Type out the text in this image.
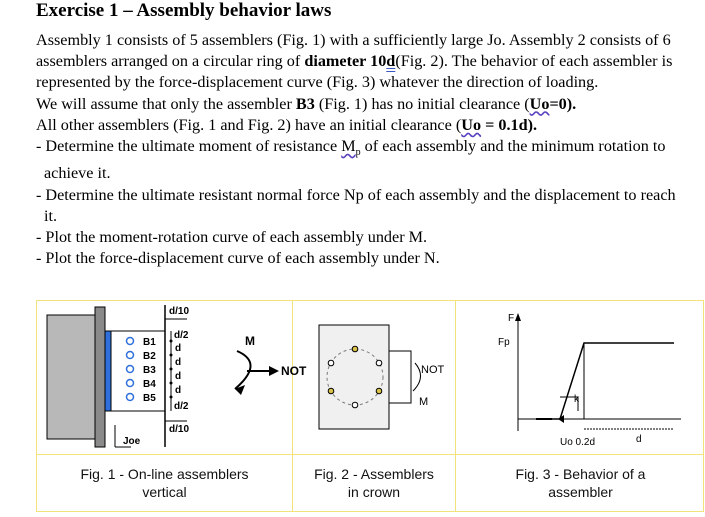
Exercise 1 – Assembly behavior laws

Assembly 1 consists of 5 assemblers (Fig. 1) with a sufficiently large Jo. Assembly 2 consists of 6 assemblers arranged on a circular ring of diameter 10d(Fig. 2). The behavior of each assembler is represented by the force-displacement curve (Fig. 3) whatever the direction of loading.

We will assume that only the assembler B3 (Fig. 1) has no initial clearance (Uo=0).

All other assemblers (Fig. 1 and Fig. 2) have an initial clearance (Uo = 0.1d).

- Determine the ultimate moment of resistance $M_p$ of each assembly and the minimum rotation to achieve it.

- Determine the ultimate resistant normal force Np of each assembly and the displacement to reach it.

- Plot the moment-rotation curve of each assembly under M.

- Plot the force-displacement curve of each assembly under N.

d/10
d/10
B1
B2
B3
B4
B5
d/2
d
d
d
d
d/2
M
NOT
Joe
NOT
M
F
Fp
k
Uo 0.2d	d
Fig. 1 - On-line assemblers
vertical
Fig. 2 - Assemblers
in crown
Fig. 3 - Behavior of a
assembler
